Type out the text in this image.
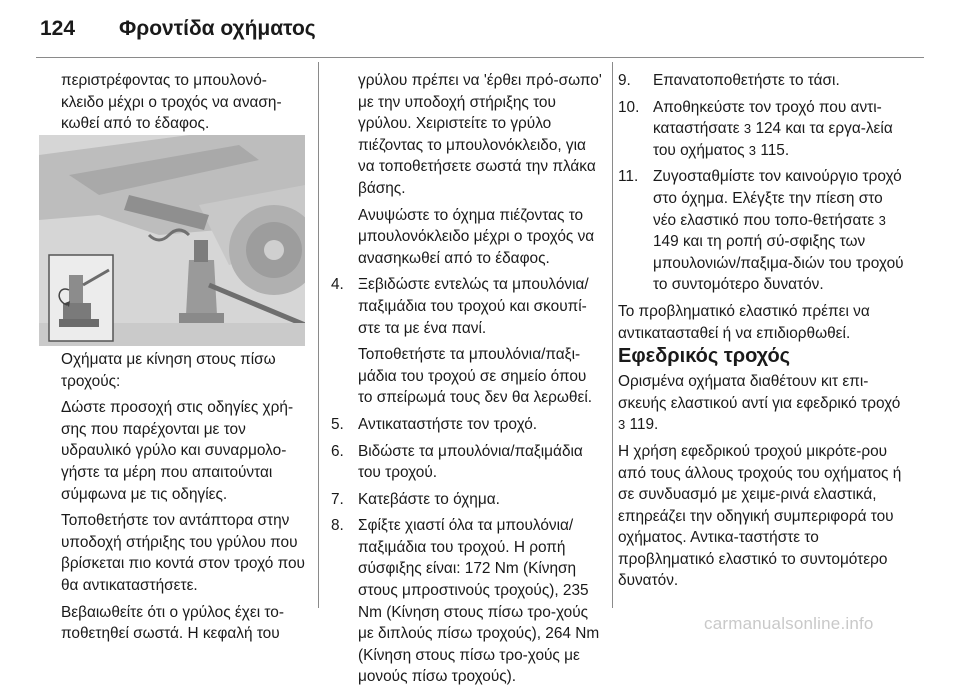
124 Φροντίδα οχήματος

περιστρέφοντας το μπουλονό-κλειδο μέχρι ο τροχός να αναση-κωθεί από το έδαφος.

Οχήματα με κίνηση στους πίσω τροχούς:

Δώστε προσοχή στις οδηγίες χρή-σης που παρέχονται με τον υδραυλικό γρύλο και συναρμολο-γήστε τα μέρη που απαιτούνται σύμφωνα με τις οδηγίες.

Τοποθετήστε τον αντάπτορα στην υποδοχή στήριξης του γρύλου που βρίσκεται πιο κοντά στον τροχό που θα αντικαταστήσετε.

Βεβαιωθείτε ότι ο γρύλος έχει το-ποθετηθεί σωστά. Η κεφαλή του

γρύλου πρέπει να 'έρθει πρό-σωπο' με την υποδοχή στήριξης του γρύλου. Χειριστείτε το γρύλο πιέζοντας το μπουλονόκλειδο, για να τοποθετήσετε σωστά την πλάκα βάσης.

Ανυψώστε το όχημα πιέζοντας το μπουλονόκλειδο μέχρι ο τροχός να ανασηκωθεί από το έδαφος.

4. Ξεβιδώστε εντελώς τα μπουλόνια/ παξιμάδια του τροχού και σκουπί-στε τα με ένα πανί.

Τοποθετήστε τα μπουλόνια/παξι-μάδια του τροχού σε σημείο όπου το σπείρωμά τους δεν θα λερωθεί.

5. Αντικαταστήστε τον τροχό.

6. Βιδώστε τα μπουλόνια/παξιμάδια του τροχού.

7. Κατεβάστε το όχημα.

8. Σφίξτε χιαστί όλα τα μπουλόνια/ παξιμάδια του τροχού. Η ροπή σύσφιξης είναι: 172 Nm (Κίνηση στους μπροστινούς τροχούς), 235 Nm (Κίνηση στους πίσω τρο-χούς με διπλούς πίσω τροχούς), 264 Nm (Κίνηση στους πίσω τρο-χούς με μονούς πίσω τροχούς).

9. Επανατοποθετήστε το τάσι.

10. Αποθηκεύστε τον τροχό που αντι-καταστήσατε 3 124 και τα εργα-λεία του οχήματος 3 115.

11. Ζυγοσταθμίστε τον καινούργιο τροχό στο όχημα. Ελέγξτε την πίεση στο νέο ελαστικό που τοπο-θετήσατε 3 149 και τη ροπή σύ-σφιξης των μπουλονιών/παξιμα-διών του τροχού το συντομότερο δυνατόν.

Το προβληματικό ελαστικό πρέπει να αντικατασταθεί ή να επιδιορθωθεί.

Εφεδρικός τροχός

Ορισμένα οχήματα διαθέτουν κιτ επι-σκευής ελαστικού αντί για εφεδρικό τροχό 3 119.

Η χρήση εφεδρικού τροχού μικρότε-ρου από τους άλλους τροχούς του οχήματος ή σε συνδυασμό με χειμε-ρινά ελαστικά, επηρεάζει την οδηγική συμπεριφορά του οχήματος. Αντικα-ταστήστε το προβληματικό ελαστικό το συντομότερο δυνατόν.

carmanualsonline.info
